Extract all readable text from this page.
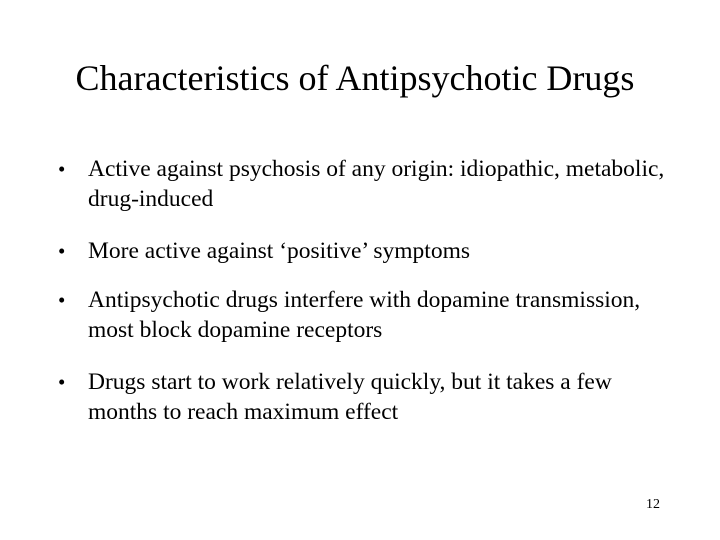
Characteristics of Antipsychotic Drugs
• Active against psychosis of any origin: idiopathic, metabolic, drug-induced
• More active against ‘positive’ symptoms
• Antipsychotic drugs interfere with dopamine transmission, most block dopamine receptors
• Drugs start to work relatively quickly, but it takes a few months to reach maximum effect
12
